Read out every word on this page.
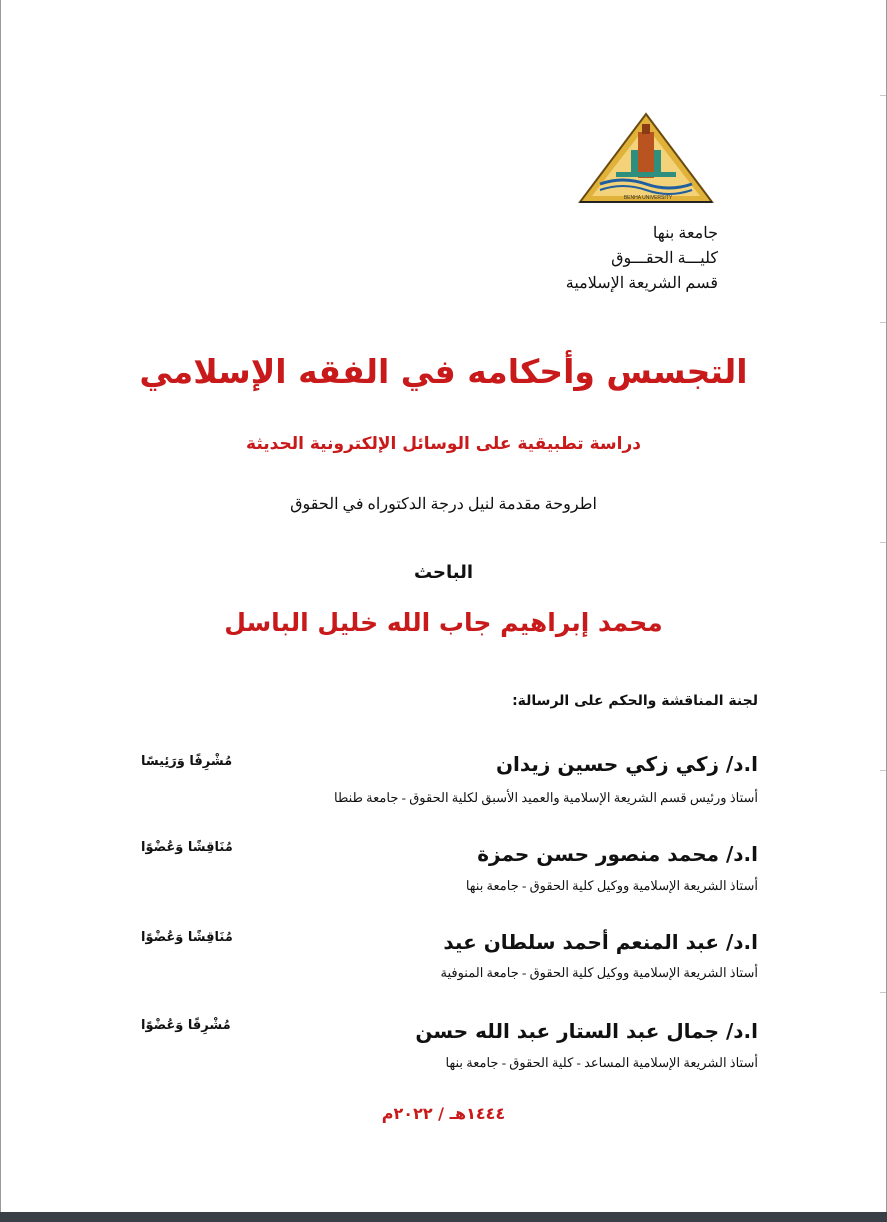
BENHA UNIVERSITY
جامعة بنها
كليـــة الحقـــوق
قسم الشريعة الإسلامية
التجسس وأحكامه في الفقه الإسلامي
دراسة تطبيقية على الوسائل الإلكترونية الحديثة
اطروحة مقدمة لنيل درجة الدكتوراه في الحقوق
الباحث
محمد إبراهيم جاب الله خليل الباسل
لجنة المناقشة والحكم على الرسالة:
ا.د/ زكي زكي حسين زيدان
مُشْرِفًا وَرَئِيسًا
أستاذ ورئيس قسم الشريعة الإسلامية والعميد الأسبق لكلية الحقوق - جامعة طنطا
ا.د/ محمد منصور حسن حمزة
مُنَاقِشًا وَعُضْوًا
أستاذ الشريعة الإسلامية ووكيل كلية الحقوق - جامعة بنها
ا.د/ عبد المنعم أحمد سلطان عيد
مُنَاقِشًا وَعُضْوًا
أستاذ الشريعة الإسلامية ووكيل كلية الحقوق - جامعة المنوفية
ا.د/ جمال عبد الستار عبد الله حسن
مُشْرِفًا وَعُضْوًا
أستاذ الشريعة الإسلامية المساعد - كلية الحقوق - جامعة بنها
١٤٤٤هـ / ٢٠٢٢م
